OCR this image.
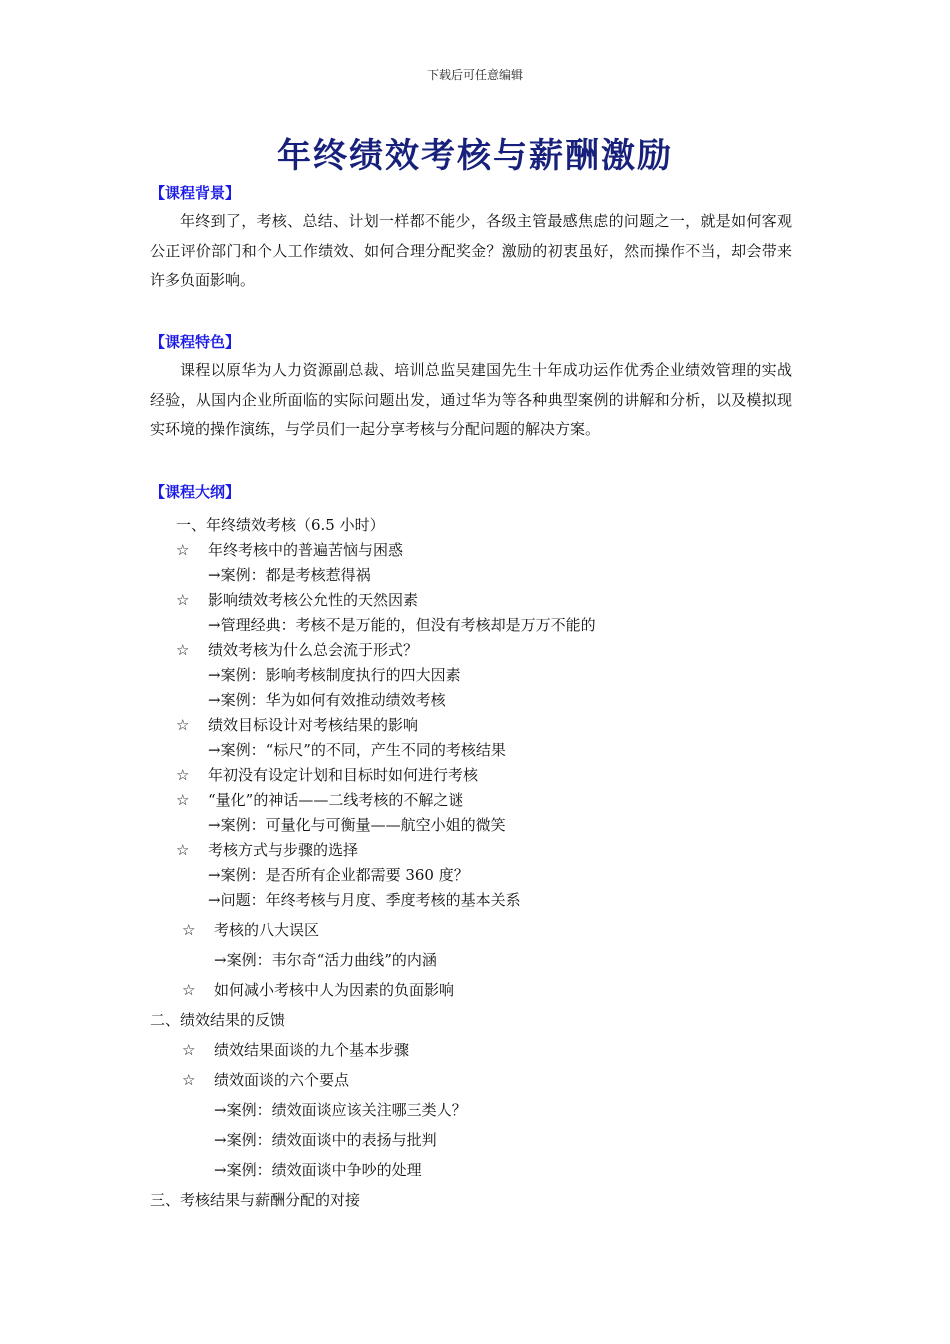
下载后可任意编辑
年终绩效考核与薪酬激励
【课程背景】
年终到了，考核、总结、计划一样都不能少，各级主管最感焦虑的问题之一，就是如何客观公正评价部门和个人工作绩效、如何合理分配奖金？激励的初衷虽好，然而操作不当，却会带来许多负面影响。
【课程特色】
课程以原华为人力资源副总裁、培训总监吴建国先生十年成功运作优秀企业绩效管理的实战经验，从国内企业所面临的实际问题出发，通过华为等各种典型案例的讲解和分析，以及模拟现实环境的操作演练，与学员们一起分享考核与分配问题的解决方案。
【课程大纲】
一、年终绩效考核（6.5 小时）
☆ 年终考核中的普遍苦恼与困惑
→案例：都是考核惹得祸
☆ 影响绩效考核公允性的天然因素
→管理经典：考核不是万能的，但没有考核却是万万不能的
☆ 绩效考核为什么总会流于形式？
→案例：影响考核制度执行的四大因素
→案例：华为如何有效推动绩效考核
☆ 绩效目标设计对考核结果的影响
→案例：“标尺”的不同，产生不同的考核结果
☆ 年初没有设定计划和目标时如何进行考核
☆ “量化”的神话——二线考核的不解之谜
→案例：可量化与可衡量——航空小姐的微笑
☆ 考核方式与步骤的选择
→案例：是否所有企业都需要 360 度？
→问题：年终考核与月度、季度考核的基本关系
☆ 考核的八大误区
→案例：韦尔奇“活力曲线”的内涵
☆ 如何减小考核中人为因素的负面影响
二、绩效结果的反馈
☆ 绩效结果面谈的九个基本步骤
☆ 绩效面谈的六个要点
→案例：绩效面谈应该关注哪三类人？
→案例：绩效面谈中的表扬与批判
→案例：绩效面谈中争吵的处理
三、考核结果与薪酬分配的对接
